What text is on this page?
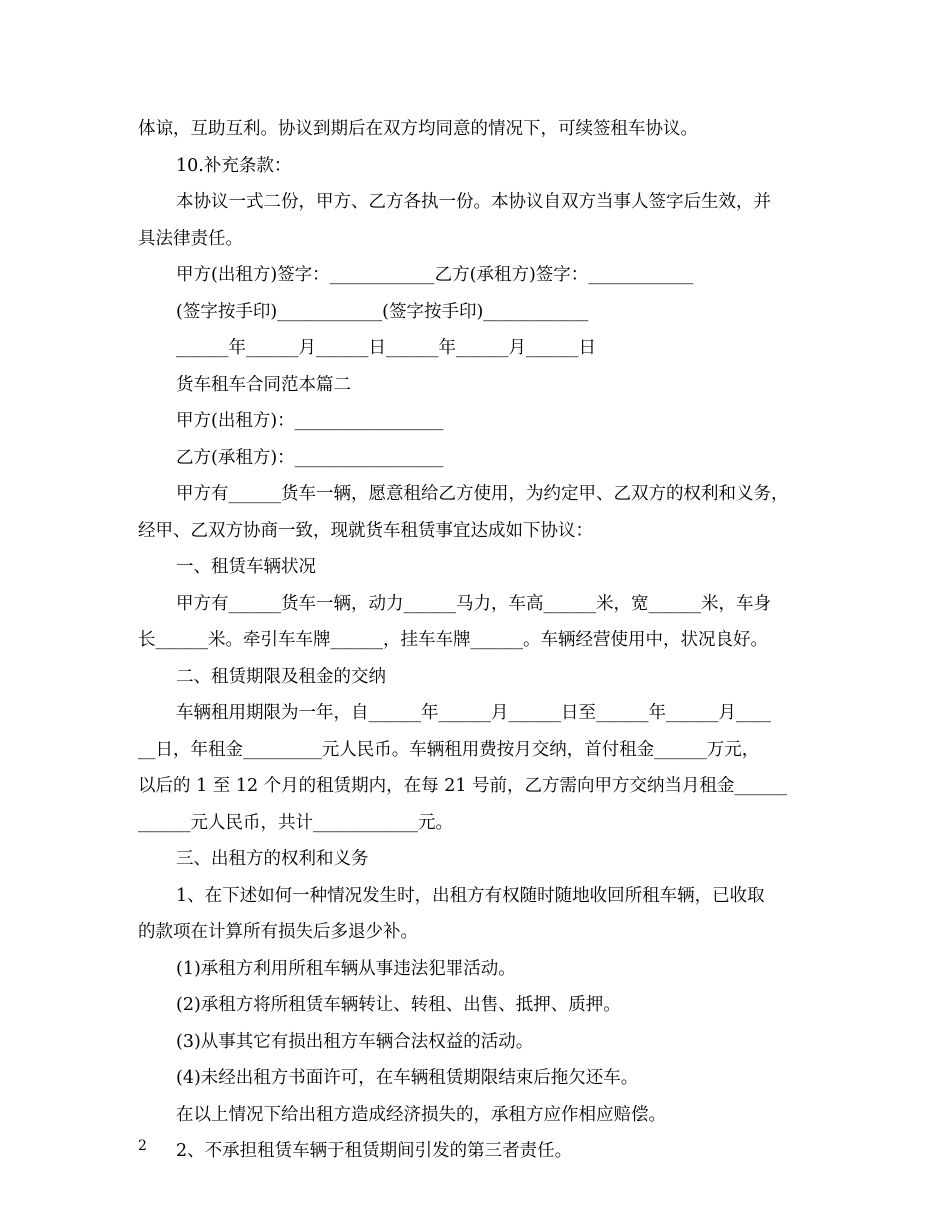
体谅，互助互利。协议到期后在双方均同意的情况下，可续签租车协议。
10.补充条款：
本协议一式二份，甲方、乙方各执一份。本协议自双方当事人签字后生效，并
具法律责任。
甲方(出租方)签字：____________乙方(承租方)签字：____________
(签字按手印)____________(签字按手印)____________
______年______月______日______年______月______日
货车租车合同范本篇二
甲方(出租方)：_________________
乙方(承租方)：_________________
甲方有______货车一辆，愿意租给乙方使用，为约定甲、乙双方的权利和义务，
经甲、乙双方协商一致，现就货车租赁事宜达成如下协议：
一、租赁车辆状况
甲方有______货车一辆，动力______马力，车高______米，宽______米，车身
长______米。牵引车车牌______，挂车车牌______。车辆经营使用中，状况良好。
二、租赁期限及租金的交纳
车辆租用期限为一年，自______年______月______日至______年______月____
__日，年租金_________元人民币。车辆租用费按月交纳，首付租金______万元，
以后的 1 至 12 个月的租赁期内，在每 21 号前，乙方需向甲方交纳当月租金______
______元人民币，共计____________元。
三、出租方的权利和义务
1、在下述如何一种情况发生时，出租方有权随时随地收回所租车辆，已收取
的款项在计算所有损失后多退少补。
(1)承租方利用所租车辆从事违法犯罪活动。
(2)承租方将所租赁车辆转让、转租、出售、抵押、质押。
(3)从事其它有损出租方车辆合法权益的活动。
(4)未经出租方书面许可，在车辆租赁期限结束后拖欠还车。
在以上情况下给出租方造成经济损失的，承租方应作相应赔偿。
2、不承担租赁车辆于租赁期间引发的第三者责任。
2
